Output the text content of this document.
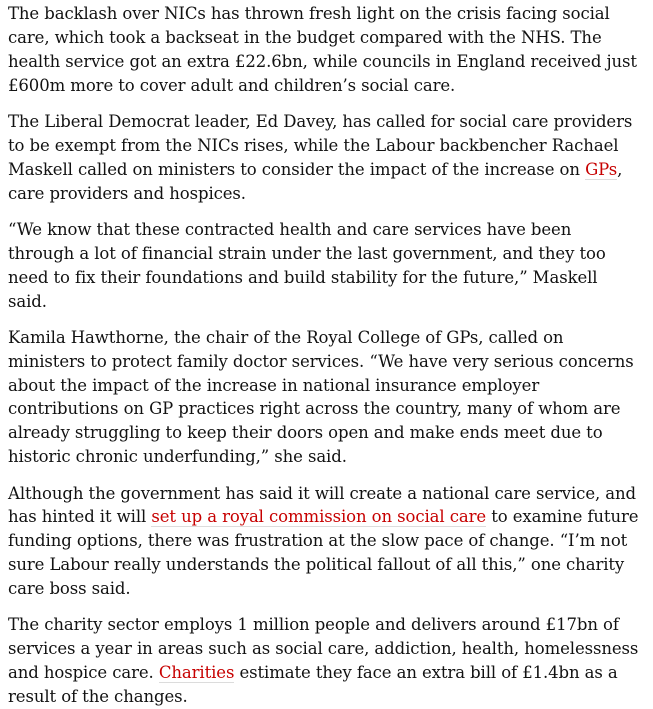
The backlash over NICs has thrown fresh light on the crisis facing social care, which took a backseat in the budget compared with the NHS. The health service got an extra £22.6bn, while councils in England received just £600m more to cover adult and children’s social care.

The Liberal Democrat leader, Ed Davey, has called for social care providers to be exempt from the NICs rises, while the Labour backbencher Rachael Maskell called on ministers to consider the impact of the increase on GPs, care providers and hospices.

“We know that these contracted health and care services have been through a lot of financial strain under the last government, and they too need to fix their foundations and build stability for the future,” Maskell said.

Kamila Hawthorne, the chair of the Royal College of GPs, called on ministers to protect family doctor services. “We have very serious concerns about the impact of the increase in national insurance employer contributions on GP practices right across the country, many of whom are already struggling to keep their doors open and make ends meet due to historic chronic underfunding,” she said.

Although the government has said it will create a national care service, and has hinted it will set up a royal commission on social care to examine future funding options, there was frustration at the slow pace of change. “I’m not sure Labour really understands the political fallout of all this,” one charity care boss said.

The charity sector employs 1 million people and delivers around £17bn of services a year in areas such as social care, addiction, health, homelessness and hospice care. Charities estimate they face an extra bill of £1.4bn as a result of the changes.
